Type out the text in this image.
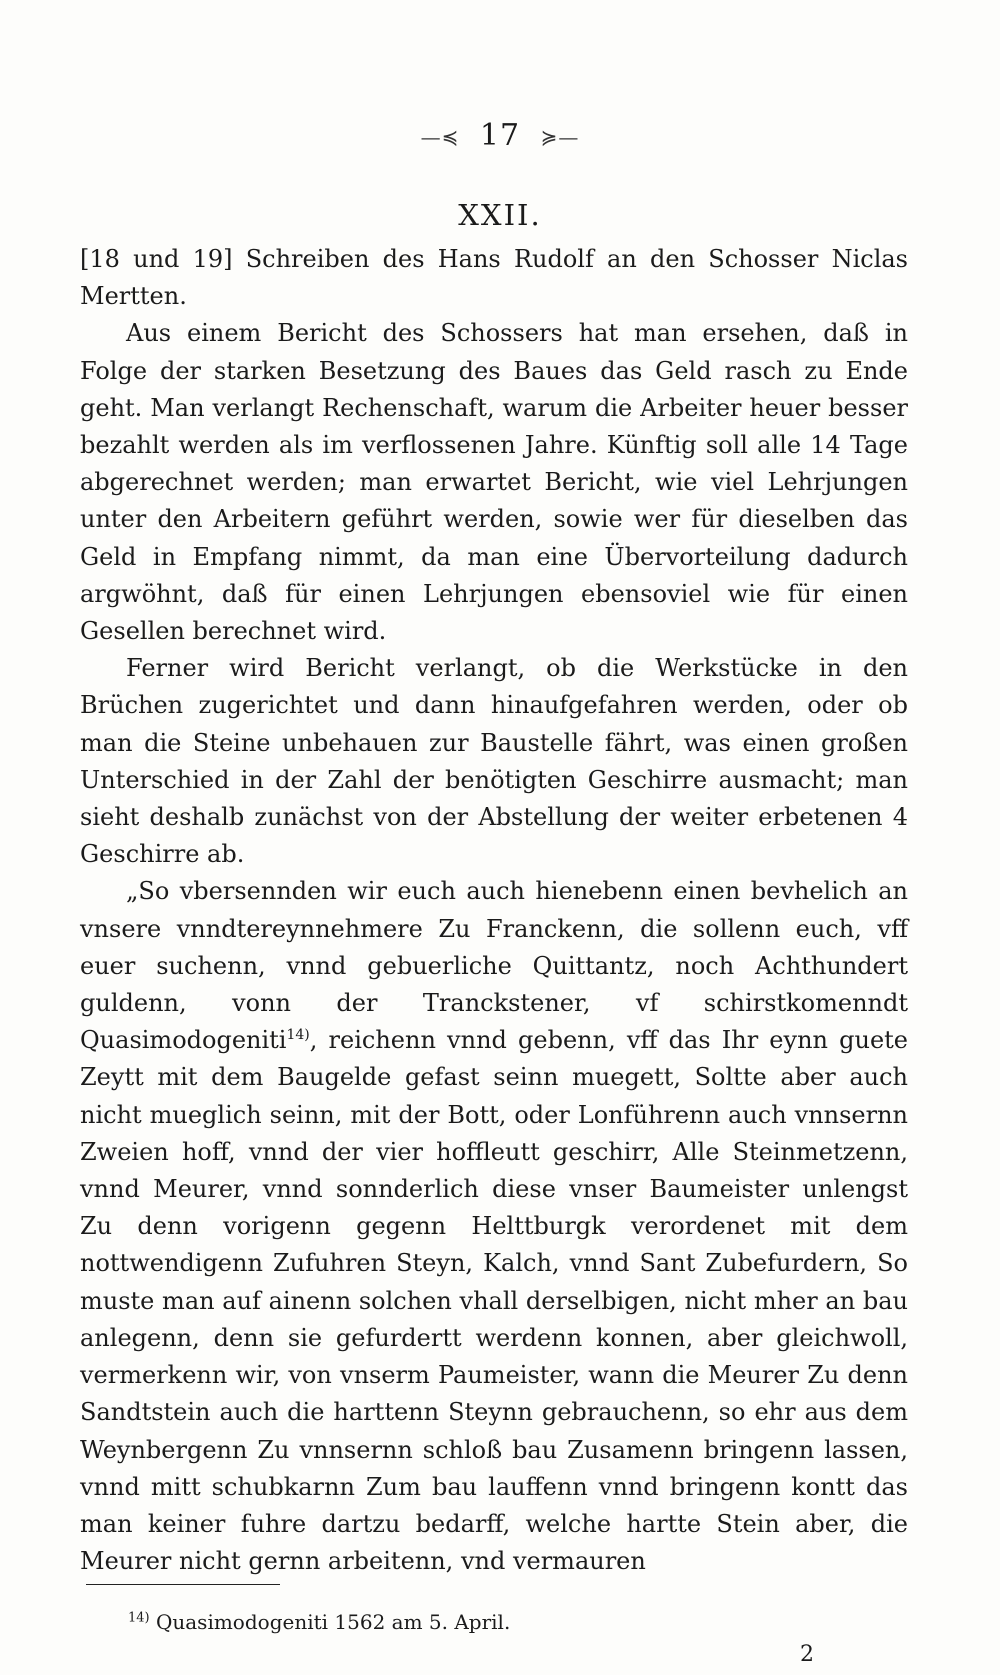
—≼ 17 ≽—
XXII.

[18 und 19] Schreiben des Hans Rudolf an den Schosser Niclas Mertten.

Aus einem Bericht des Schossers hat man ersehen, daß in Folge der starken Besetzung des Baues das Geld rasch zu Ende geht. Man verlangt Rechenschaft, warum die Arbeiter heuer besser bezahlt werden als im verflossenen Jahre. Künftig soll alle 14 Tage abgerechnet werden; man erwartet Bericht, wie viel Lehrjungen unter den Arbeitern geführt werden, sowie wer für dieselben das Geld in Empfang nimmt, da man eine Übervorteilung dadurch argwöhnt, daß für einen Lehrjungen ebensoviel wie für einen Gesellen berechnet wird.

Ferner wird Bericht verlangt, ob die Werkstücke in den Brüchen zugerichtet und dann hinaufgefahren werden, oder ob man die Steine unbehauen zur Baustelle fährt, was einen großen Unterschied in der Zahl der benötigten Geschirre ausmacht; man sieht deshalb zunächst von der Abstellung der weiter erbetenen 4 Geschirre ab.

„So vbersennden wir euch auch hienebenn einen bevhelich an vnsere vnndtereynnehmere Zu Franckenn, die sollenn euch, vff euer suchenn, vnnd gebuerliche Quittantz, noch Achthundert guldenn, vonn der Tranckstener, vf schirstkomenndt Quasimodogeniti$^{14)}$, reichenn vnnd gebenn, vff das Ihr eynn guete Zeytt mit dem Baugelde gefast seinn muegett, Soltte aber auch nicht mueglich seinn, mit der Bott, oder Lonführenn auch vnnsernn Zweien hoff, vnnd der vier hoffleutt geschirr, Alle Steinmetzenn, vnnd Meurer, vnnd sonnderlich diese vnser Baumeister unlengst Zu denn vorigenn gegenn Helttburgk verordenet mit dem nottwendigenn Zufuhren Steyn, Kalch, vnnd Sant Zubefurdern, So muste man auf ainenn solchen vhall derselbigen, nicht mher an bau anlegenn, denn sie gefurdertt werdenn konnen, aber gleichwoll, vermerkenn wir, von vnserm Paumeister, wann die Meurer Zu denn Sandtstein auch die harttenn Steynn gebrauchenn, so ehr aus dem Weynbergenn Zu vnnsernn schloß bau Zusamenn bringenn lassen, vnnd mitt schubkarnn Zum bau lauffenn vnnd bringenn kontt das man keiner fuhre dartzu bedarff, welche hartte Stein aber, die Meurer nicht gernn arbeitenn, vnd vermauren

$^{14)}$ Quasimodogeniti 1562 am 5. April.
2
